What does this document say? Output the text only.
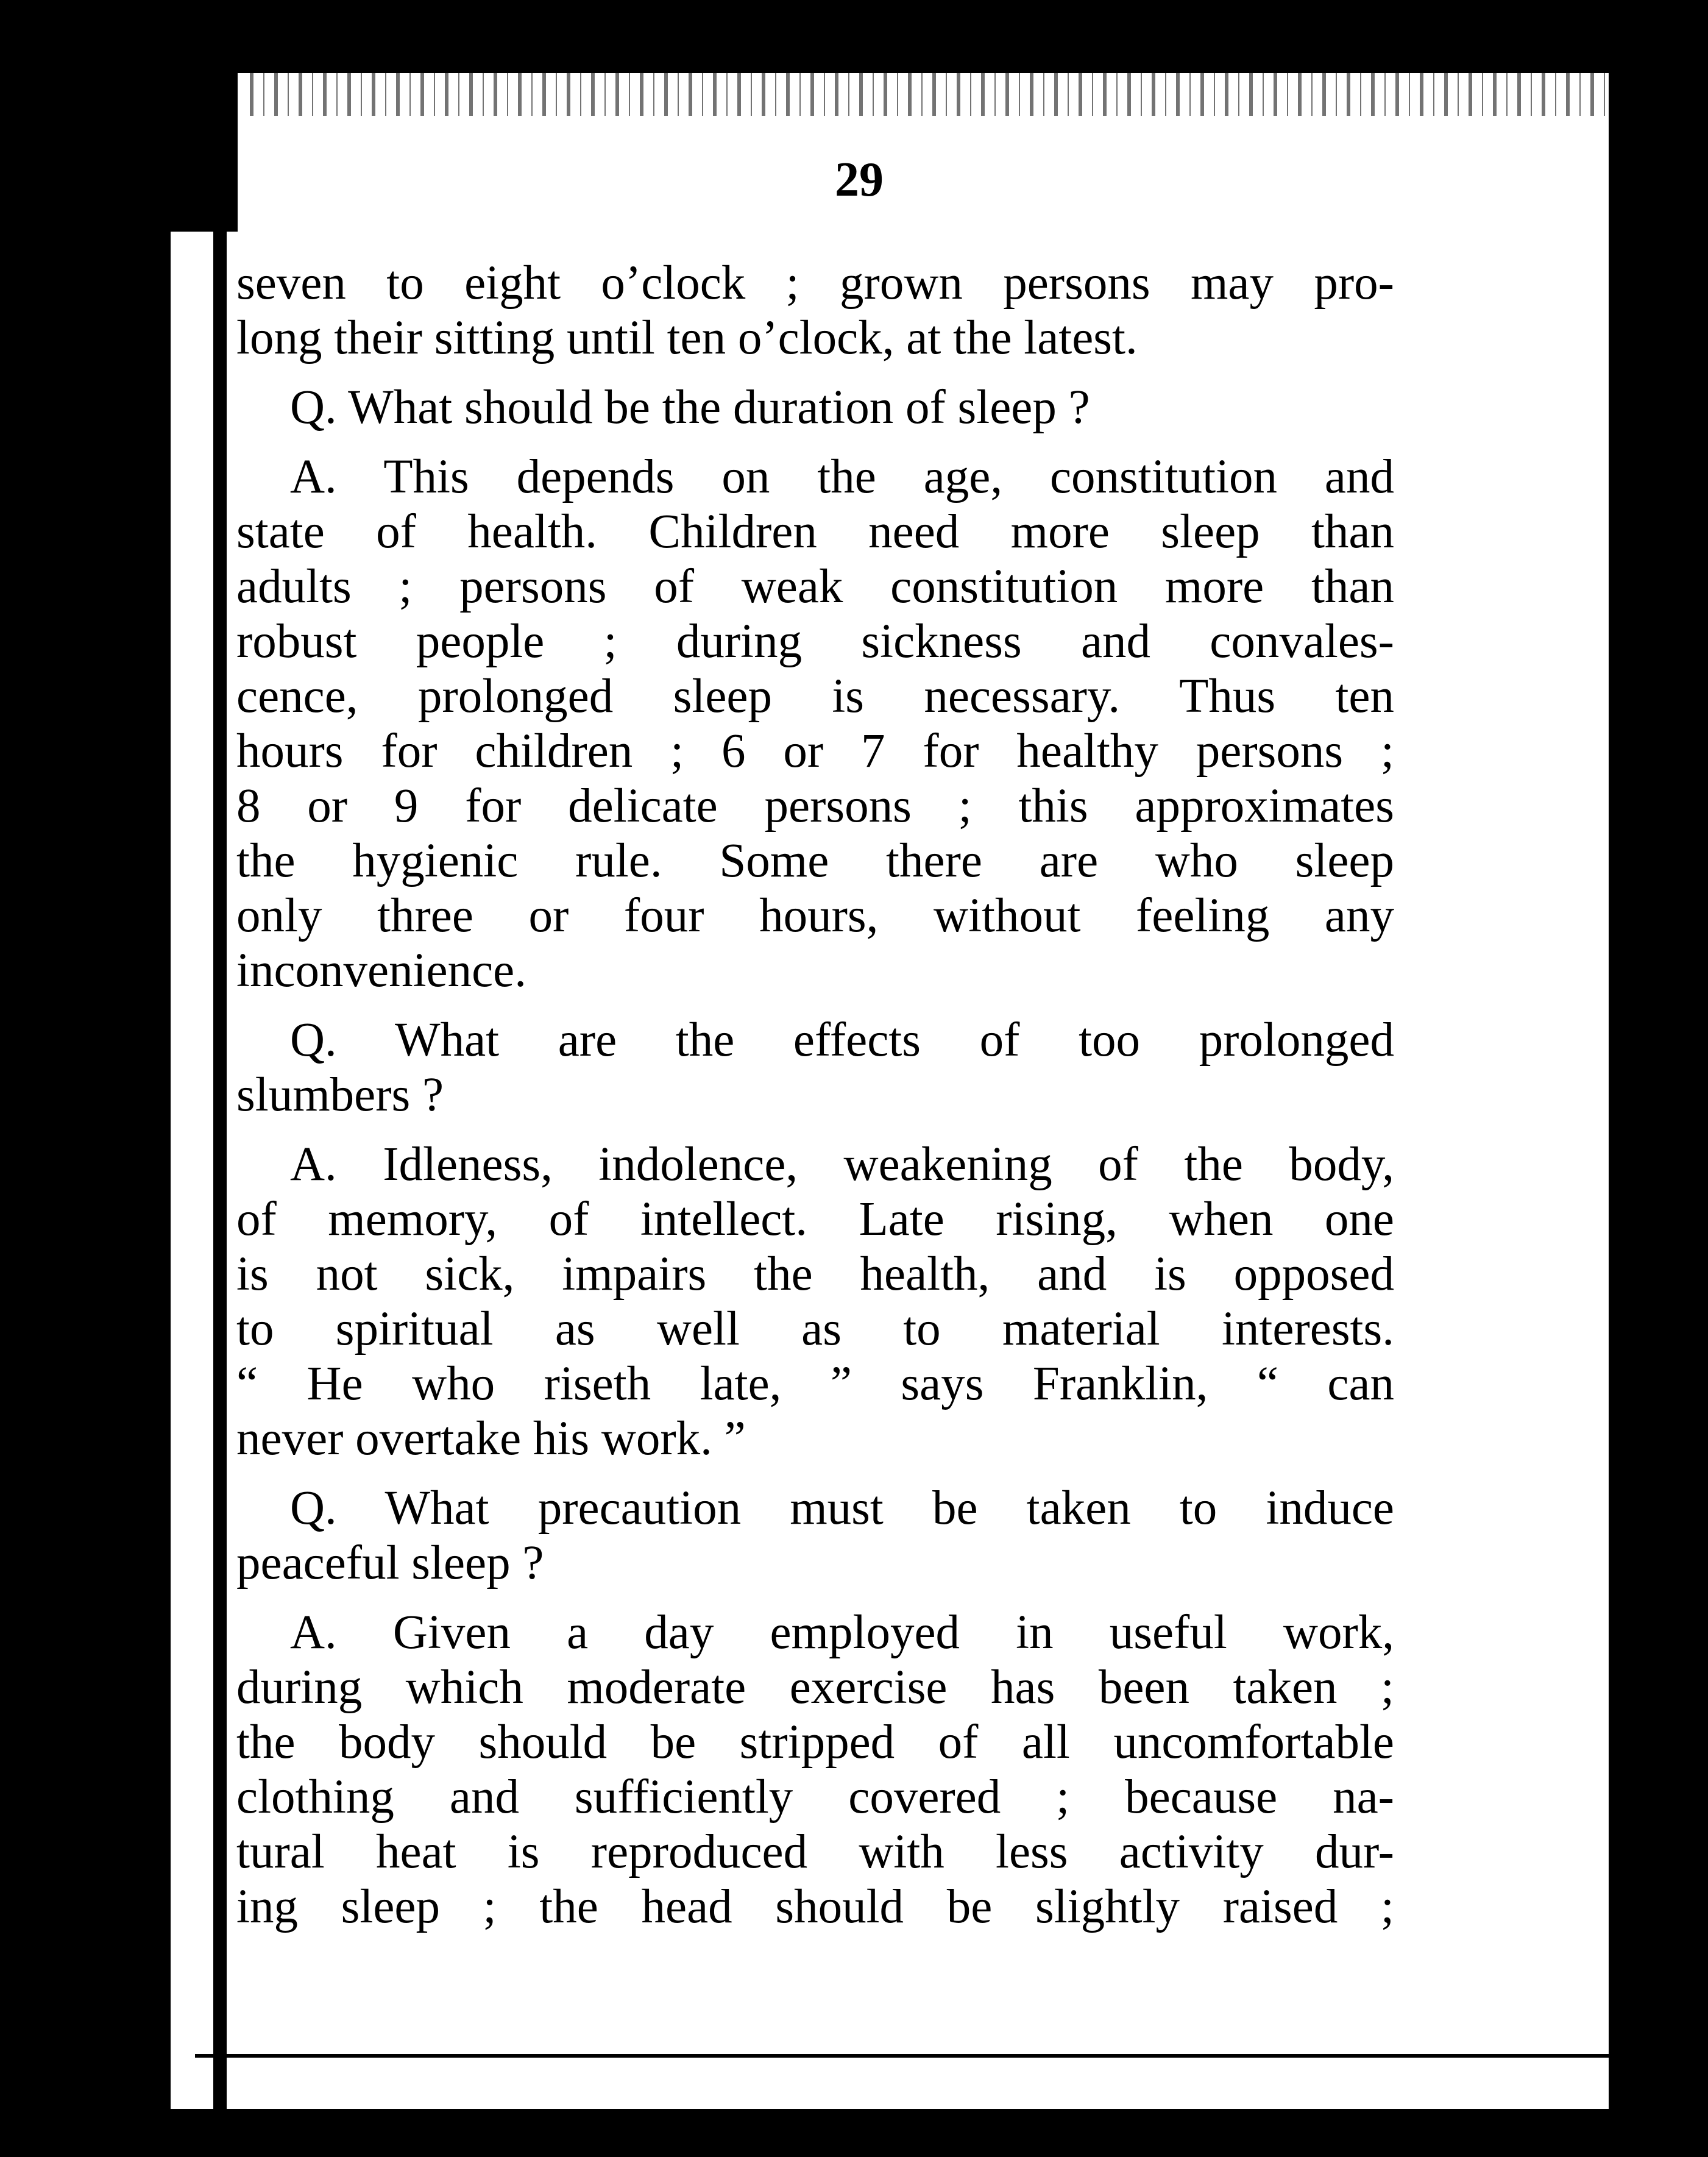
29
seven to eight o’clock ; grown persons may pro-
long their sitting until ten o’clock, at the latest.
Q. What should be the duration of sleep ?
A. This depends on the age, constitution and
state of health. Children need more sleep than
adults ; persons of weak constitution more than
robust people ; during sickness and convales-
cence, prolonged sleep is necessary. Thus ten
hours for children ; 6 or 7 for healthy persons ;
8 or 9 for delicate persons ; this approximates
the hygienic rule. Some there are who sleep
only three or four hours, without feeling any
inconvenience.
Q. What are the effects of too prolonged
slumbers ?
A. Idleness, indolence, weakening of the body,
of memory, of intellect. Late rising, when one
is not sick, impairs the health, and is opposed
to spiritual as well as to material interests.
“ He who riseth late, ” says Franklin, “ can
never overtake his work. ”
Q. What precaution must be taken to induce
peaceful sleep ?
A. Given a day employed in useful work,
during which moderate exercise has been taken ;
the body should be stripped of all uncomfortable
clothing and sufficiently covered ; because na-
tural heat is reproduced with less activity dur-
ing sleep ; the head should be slightly raised ;
